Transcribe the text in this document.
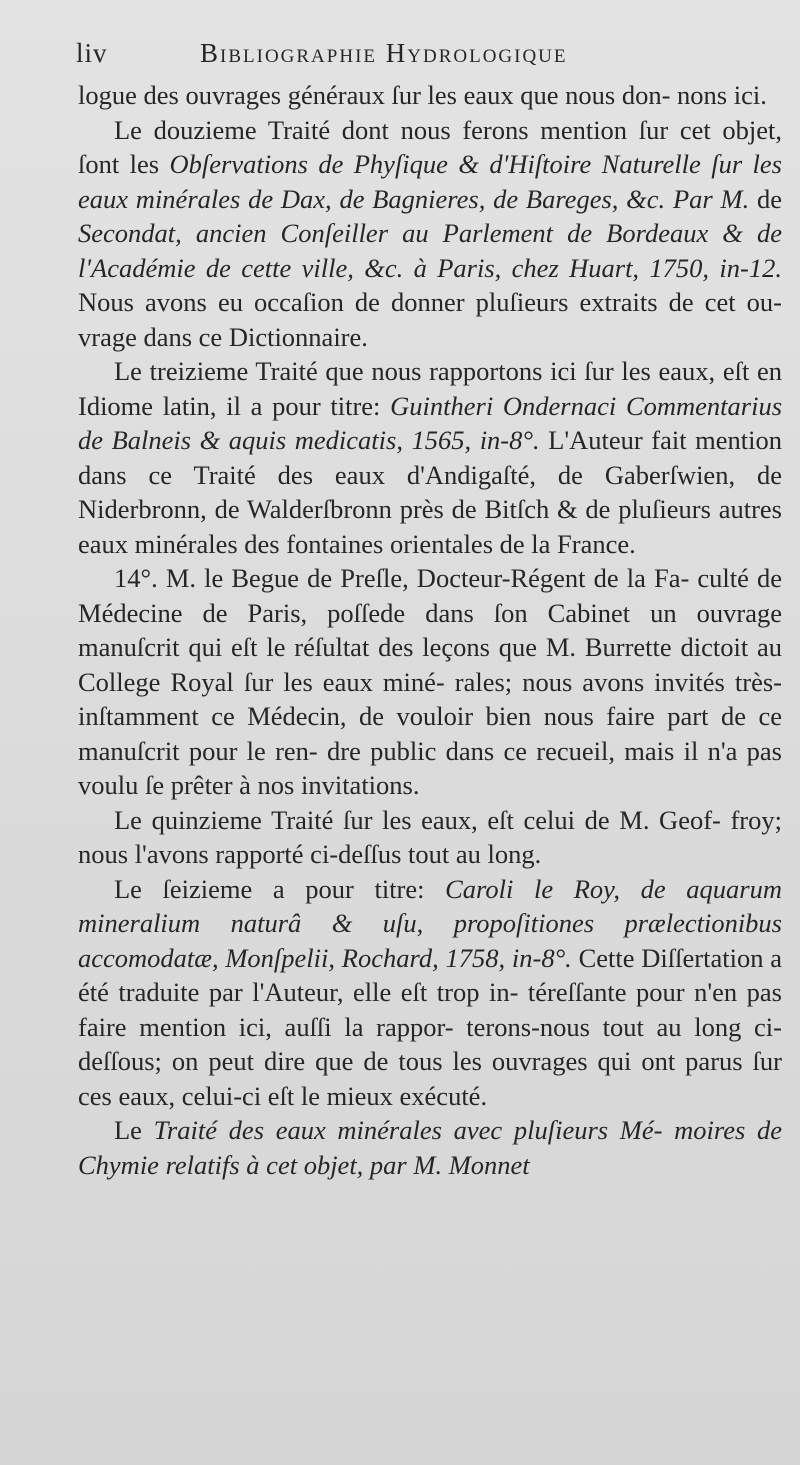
liv	Bibliographie Hydrologique

logue des ouvrages généraux ſur les eaux que nous don- nons ici.

Le douzieme Traité dont nous ferons mention ſur cet objet, ſont les Obſervations de Phyſique & d'Hiſtoire Naturelle ſur les eaux minérales de Dax, de Bagnieres, de Bareges, &c. Par M. de Secondat, ancien Conſeiller au Parlement de Bordeaux & de l'Académie de cette ville, &c. à Paris, chez Huart, 1750, in-12. Nous avons eu occaſion de donner pluſieurs extraits de cet ou- vrage dans ce Dictionnaire.

Le treizieme Traité que nous rapportons ici ſur les eaux, eſt en Idiome latin, il a pour titre: Guintheri Ondernaci Commentarius de Balneis & aquis medicatis, 1565, in-8°. L'Auteur fait mention dans ce Traité des eaux d'Andigaſté, de Gaberſwien, de Niderbronn, de Walderſbronn près de Bitſch & de pluſieurs autres eaux minérales des fontaines orientales de la France.

14°. M. le Begue de Preſle, Docteur-Régent de la Fa- culté de Médecine de Paris, poſſede dans ſon Cabinet un ouvrage manuſcrit qui eſt le réſultat des leçons que M. Burrette dictoit au College Royal ſur les eaux miné- rales; nous avons invités très-inſtamment ce Médecin, de vouloir bien nous faire part de ce manuſcrit pour le ren- dre public dans ce recueil, mais il n'a pas voulu ſe prêter à nos invitations.

Le quinzieme Traité ſur les eaux, eſt celui de M. Geof- froy; nous l'avons rapporté ci-deſſus tout au long.

Le ſeizieme a pour titre: Caroli le Roy, de aquarum mineralium naturâ & uſu, propoſitiones prælectionibus accomodatæ, Monſpelii, Rochard, 1758, in-8°. Cette Diſſertation a été traduite par l'Auteur, elle eſt trop in- téreſſante pour n'en pas faire mention ici, auſſi la rappor- terons-nous tout au long ci-deſſous; on peut dire que de tous les ouvrages qui ont parus ſur ces eaux, celui-ci eſt le mieux exécuté.

Le Traité des eaux minérales avec pluſieurs Mé- moires de Chymie relatifs à cet objet, par M. Monnet
